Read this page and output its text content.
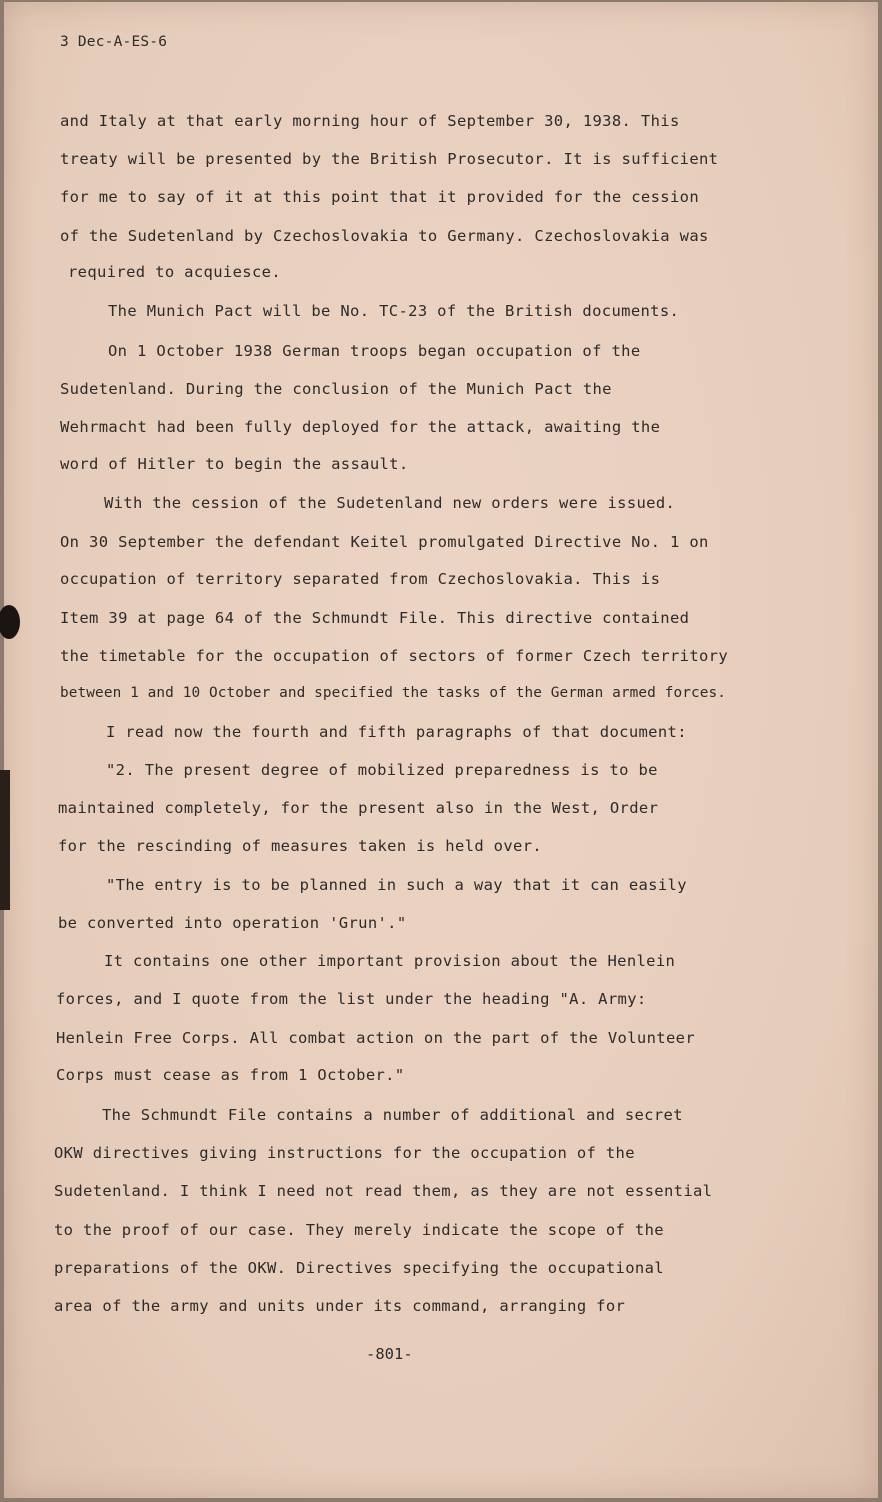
3 Dec-A-ES-6
and Italy at that early morning hour of September 30, 1938. This
treaty will be presented by the British Prosecutor. It is sufficient
for me to say of it at this point that it provided for the cession
of the Sudetenland by Czechoslovakia to Germany. Czechoslovakia was
required to acquiesce.
The Munich Pact will be No. TC-23 of the British documents.
On 1 October 1938 German troops began occupation of the
Sudetenland. During the conclusion of the Munich Pact the
Wehrmacht had been fully deployed for the attack, awaiting the
word of Hitler to begin the assault.
With the cession of the Sudetenland new orders were issued.
On 30 September the defendant Keitel promulgated Directive No. 1 on
occupation of territory separated from Czechoslovakia. This is
Item 39 at page 64 of the Schmundt File. This directive contained
the timetable for the occupation of sectors of former Czech territory
between 1 and 10 October and specified the tasks of the German armed forces.
I read now the fourth and fifth paragraphs of that document:
"2. The present degree of mobilized preparedness is to be
maintained completely, for the present also in the West, Order
for the rescinding of measures taken is held over.
"The entry is to be planned in such a way that it can easily
be converted into operation 'Grun'."
It contains one other important provision about the Henlein
forces, and I quote from the list under the heading "A. Army:
Henlein Free Corps. All combat action on the part of the Volunteer
Corps must cease as from 1 October."
The Schmundt File contains a number of additional and secret
OKW directives giving instructions for the occupation of the
Sudetenland. I think I need not read them, as they are not essential
to the proof of our case. They merely indicate the scope of the
preparations of the OKW. Directives specifying the occupational
area of the army and units under its command, arranging for
-801-
